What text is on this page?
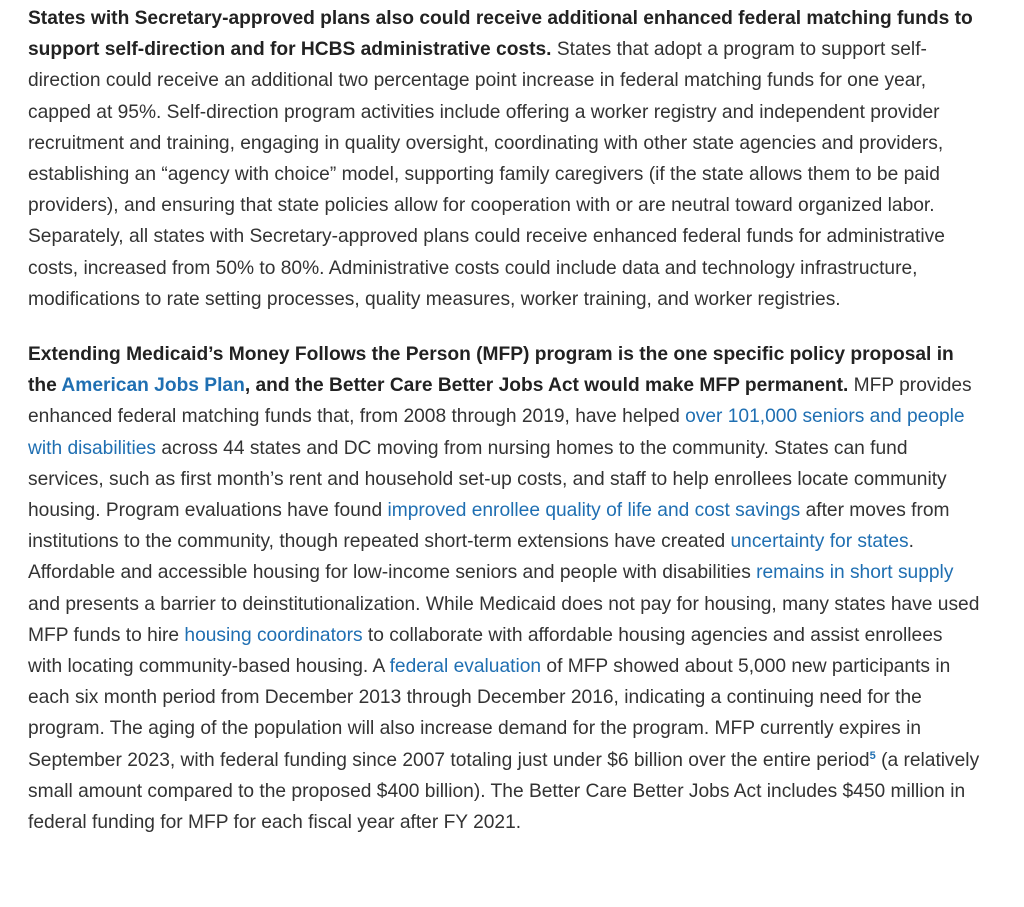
States with Secretary-approved plans also could receive additional enhanced federal matching funds to support self-direction and for HCBS administrative costs. States that adopt a program to support self-direction could receive an additional two percentage point increase in federal matching funds for one year, capped at 95%. Self-direction program activities include offering a worker registry and independent provider recruitment and training, engaging in quality oversight, coordinating with other state agencies and providers, establishing an “agency with choice” model, supporting family caregivers (if the state allows them to be paid providers), and ensuring that state policies allow for cooperation with or are neutral toward organized labor. Separately, all states with Secretary-approved plans could receive enhanced federal funds for administrative costs, increased from 50% to 80%. Administrative costs could include data and technology infrastructure, modifications to rate setting processes, quality measures, worker training, and worker registries.

Extending Medicaid’s Money Follows the Person (MFP) program is the one specific policy proposal in the American Jobs Plan, and the Better Care Better Jobs Act would make MFP permanent. MFP provides enhanced federal matching funds that, from 2008 through 2019, have helped over 101,000 seniors and people with disabilities across 44 states and DC moving from nursing homes to the community. States can fund services, such as first month’s rent and household set-up costs, and staff to help enrollees locate community housing. Program evaluations have found improved enrollee quality of life and cost savings after moves from institutions to the community, though repeated short-term extensions have created uncertainty for states. Affordable and accessible housing for low-income seniors and people with disabilities remains in short supply and presents a barrier to deinstitutionalization. While Medicaid does not pay for housing, many states have used MFP funds to hire housing coordinators to collaborate with affordable housing agencies and assist enrollees with locating community-based housing. A federal evaluation of MFP showed about 5,000 new participants in each six month period from December 2013 through December 2016, indicating a continuing need for the program. The aging of the population will also increase demand for the program. MFP currently expires in September 2023, with federal funding since 2007 totaling just under $6 billion over the entire period$^5$ (a relatively small amount compared to the proposed $400 billion). The Better Care Better Jobs Act includes $450 million in federal funding for MFP for each fiscal year after FY 2021.
